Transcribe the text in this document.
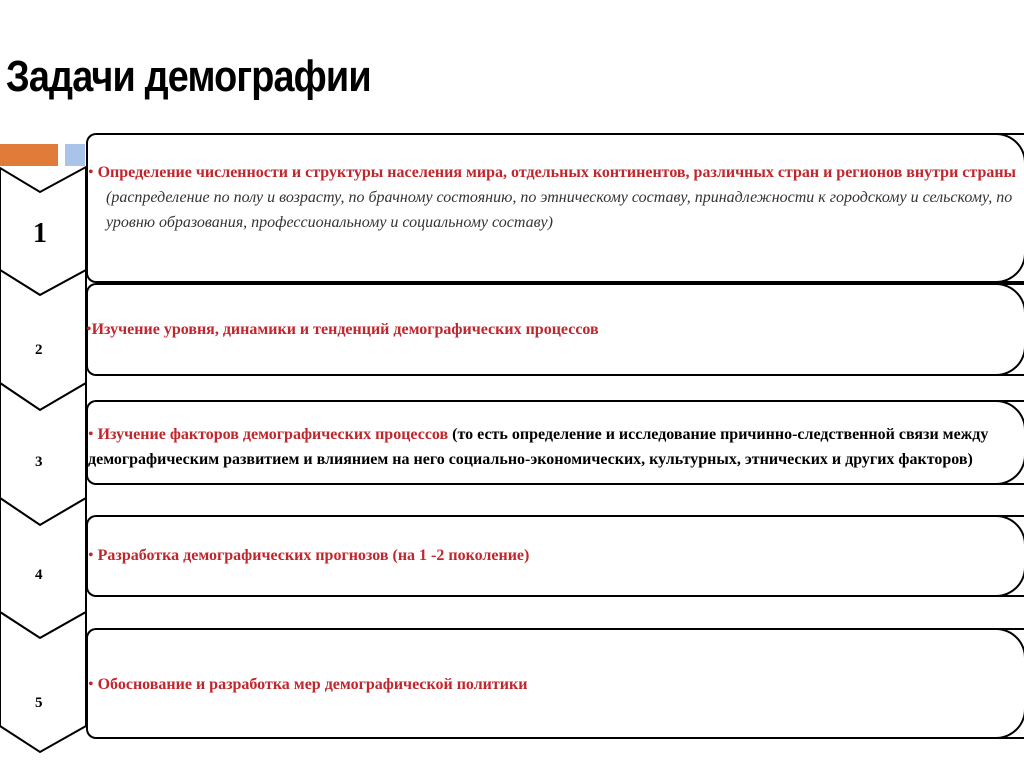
Задачи демографии
1
2
3
4
5
• Определение численности и структуры населения мира, отдельных континентов, различных стран и регионов внутри страны (распределение по полу и возрасту, по брачному состоянию, по этническому составу, принадлежности к городскому и сельскому, по уровню образования, профессиональному и социальному составу)
•Изучение уровня, динамики и тенденций демографических процессов
• Изучение факторов демографических процессов (то есть определение и исследование причинно-следственной связи между демографическим развитием и влиянием на него социально-экономических, культурных, этнических и других факторов)
• Разработка демографических прогнозов (на 1 -2 поколение)
• Обоснование и разработка мер демографической политики
